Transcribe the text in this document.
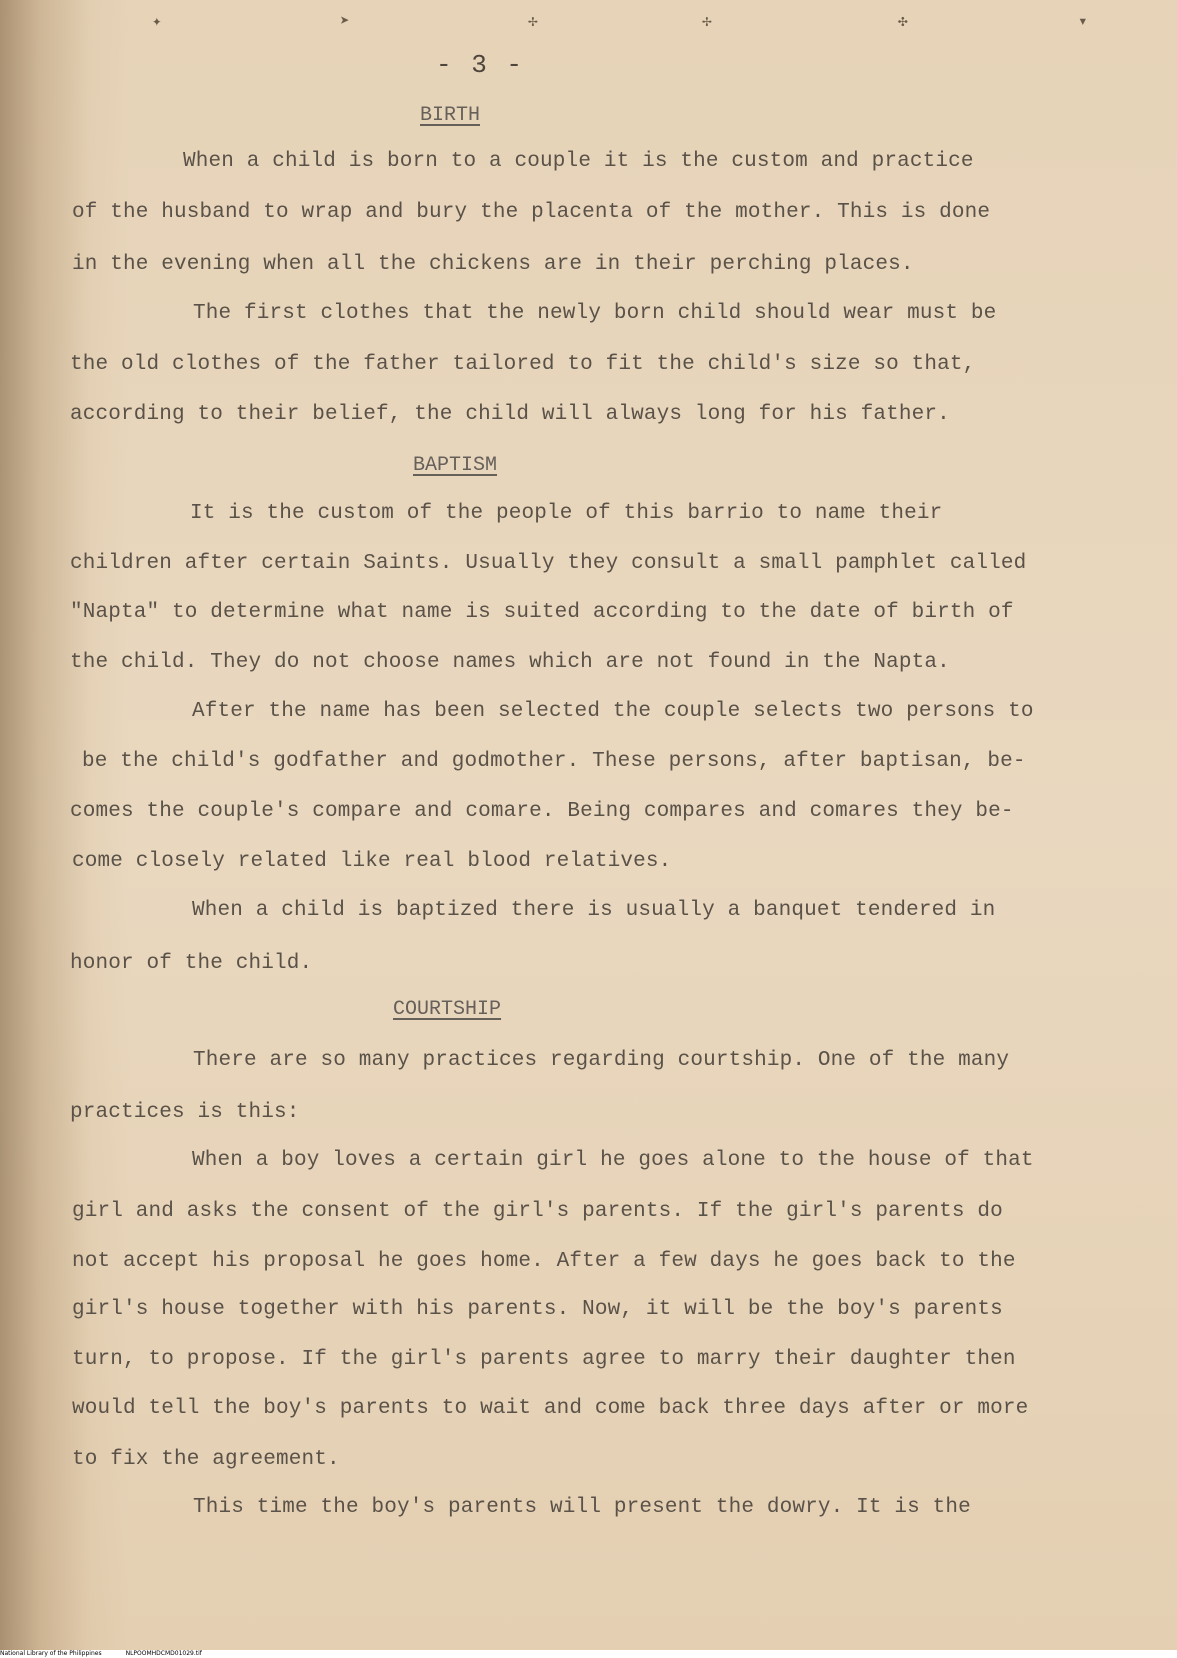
✦	➤	✢	✢	✣	▾
- 3 -
BIRTH
When a child is born to a couple it is the custom and practice
of the husband to wrap and bury the placenta of the mother. This is done
in the evening when all the chickens are in their perching places.
The first clothes that the newly born child should wear must be
the old clothes of the father tailored to fit the child's size so that,
according to their belief, the child will always long for his father.
BAPTISM
It is the custom of the people of this barrio to name their
children after certain Saints. Usually they consult a small pamphlet called
"Napta" to determine what name is suited according to the date of birth of
the child. They do not choose names which are not found in the Napta.
After the name has been selected the couple selects two persons to
be the child's godfather and godmother. These persons, after baptisan, be-
comes the couple's compare and comare. Being compares and comares they be-
come closely related like real blood relatives.
When a child is baptized there is usually a banquet tendered in
honor of the child.
COURTSHIP
There are so many practices regarding courtship. One of the many
practices is this:
When a boy loves a certain girl he goes alone to the house of that
girl and asks the consent of the girl's parents. If the girl's parents do
not accept his proposal he goes home. After a few days he goes back to the
girl's house together with his parents. Now, it will be the boy's parents
turn, to propose. If the girl's parents agree to marry their daughter then
would tell the boy's parents to wait and come back three days after or more
to fix the agreement.
This time the boy's parents will present the dowry. It is the
National Library of the Philippines	NLPOOMHDCMD01029.tif
